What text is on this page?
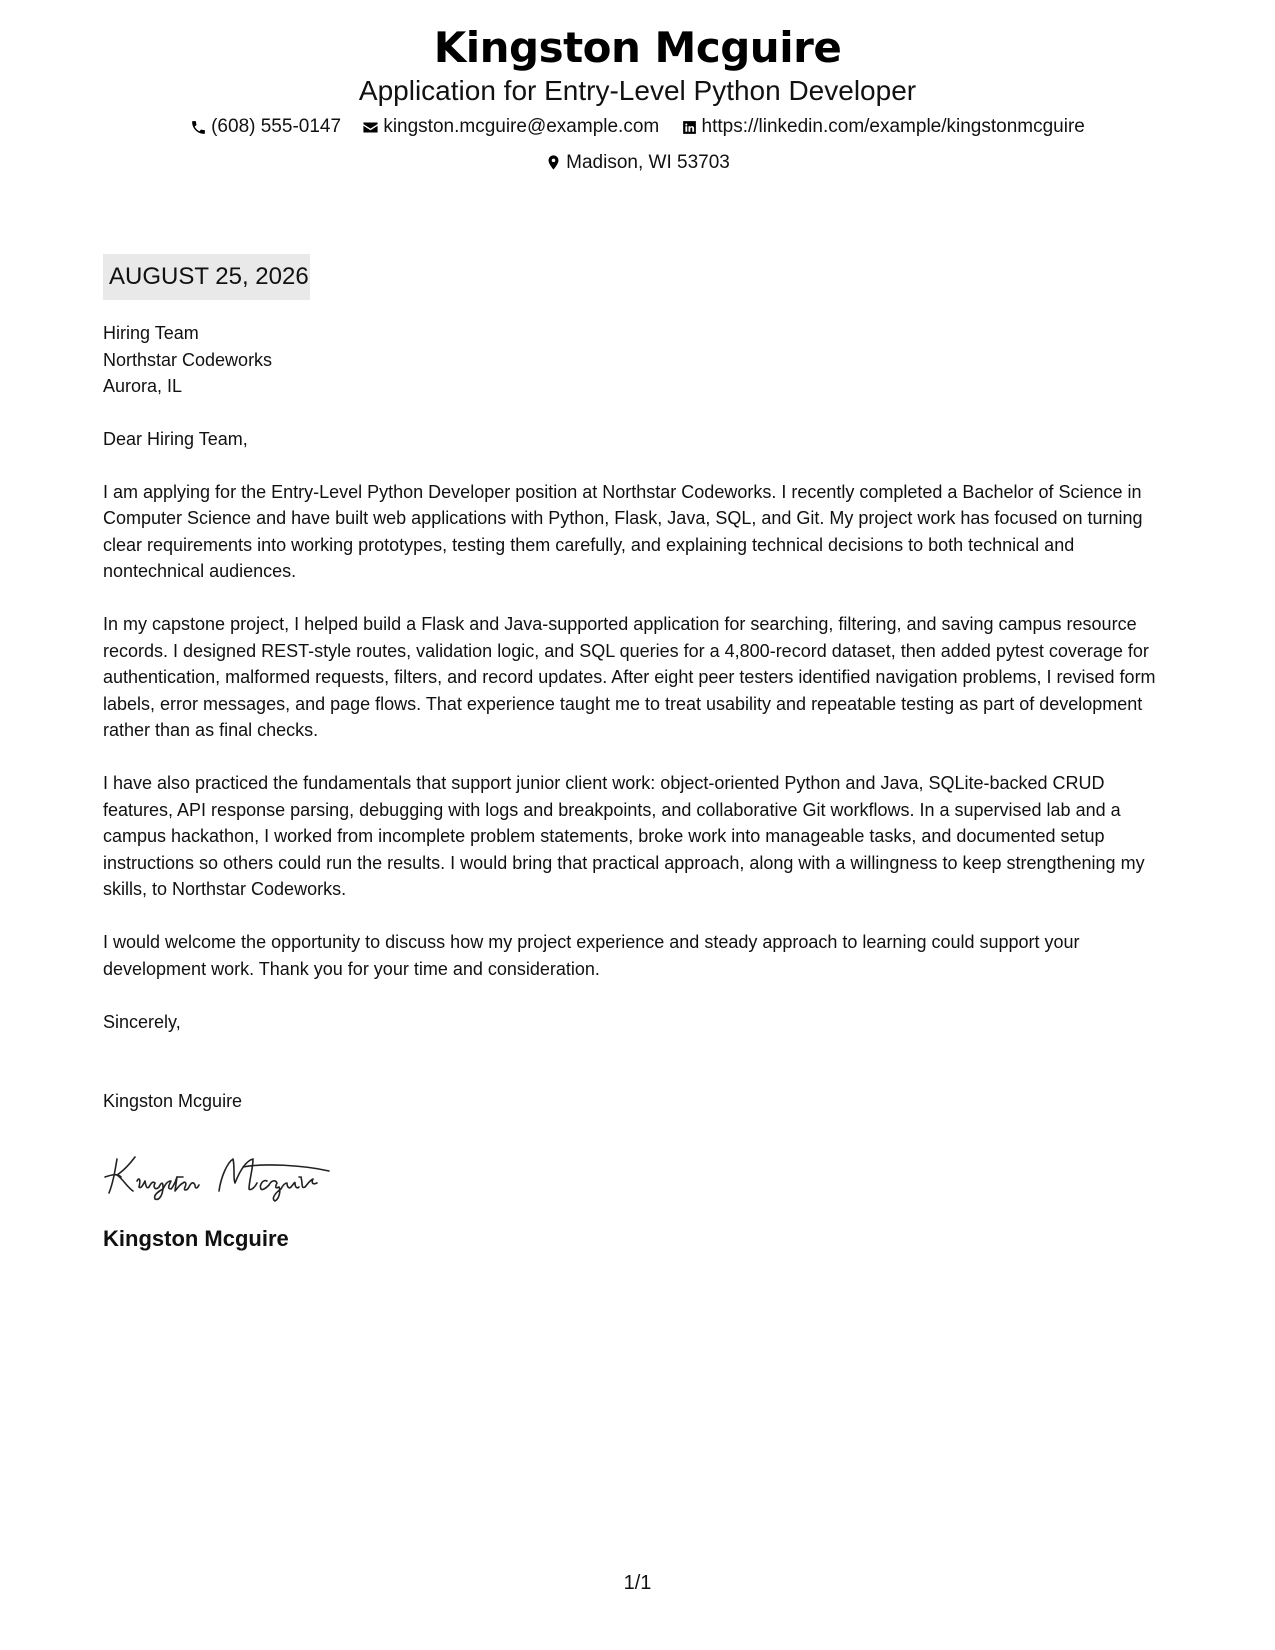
Kingston Mcguire
Application for Entry-Level Python Developer
(608) 555-0147
kingston.mcguire@example.com
https://linkedin.com/example/kingstonmcguire
Madison, WI 53703
AUGUST 25, 2026
Hiring Team
Northstar Codeworks
Aurora, IL
Dear Hiring Team,
I am applying for the Entry-Level Python Developer position at Northstar Codeworks. I recently completed a Bachelor of Science in Computer Science and have built web applications with Python, Flask, Java, SQL, and Git. My project work has focused on turning clear requirements into working prototypes, testing them carefully, and explaining technical decisions to both technical and nontechnical audiences.
In my capstone project, I helped build a Flask and Java-supported application for searching, filtering, and saving campus resource records. I designed REST-style routes, validation logic, and SQL queries for a 4,800-record dataset, then added pytest coverage for authentication, malformed requests, filters, and record updates. After eight peer testers identified navigation problems, I revised form labels, error messages, and page flows. That experience taught me to treat usability and repeatable testing as part of development rather than as final checks.
I have also practiced the fundamentals that support junior client work: object-oriented Python and Java, SQLite-backed CRUD features, API response parsing, debugging with logs and breakpoints, and collaborative Git workflows. In a supervised lab and a campus hackathon, I worked from incomplete problem statements, broke work into manageable tasks, and documented setup instructions so others could run the results. I would bring that practical approach, along with a willingness to keep strengthening my skills, to Northstar Codeworks.
I would welcome the opportunity to discuss how my project experience and steady approach to learning could support your development work. Thank you for your time and consideration.
Sincerely,
Kingston Mcguire
Kingston Mcguire
1/1
